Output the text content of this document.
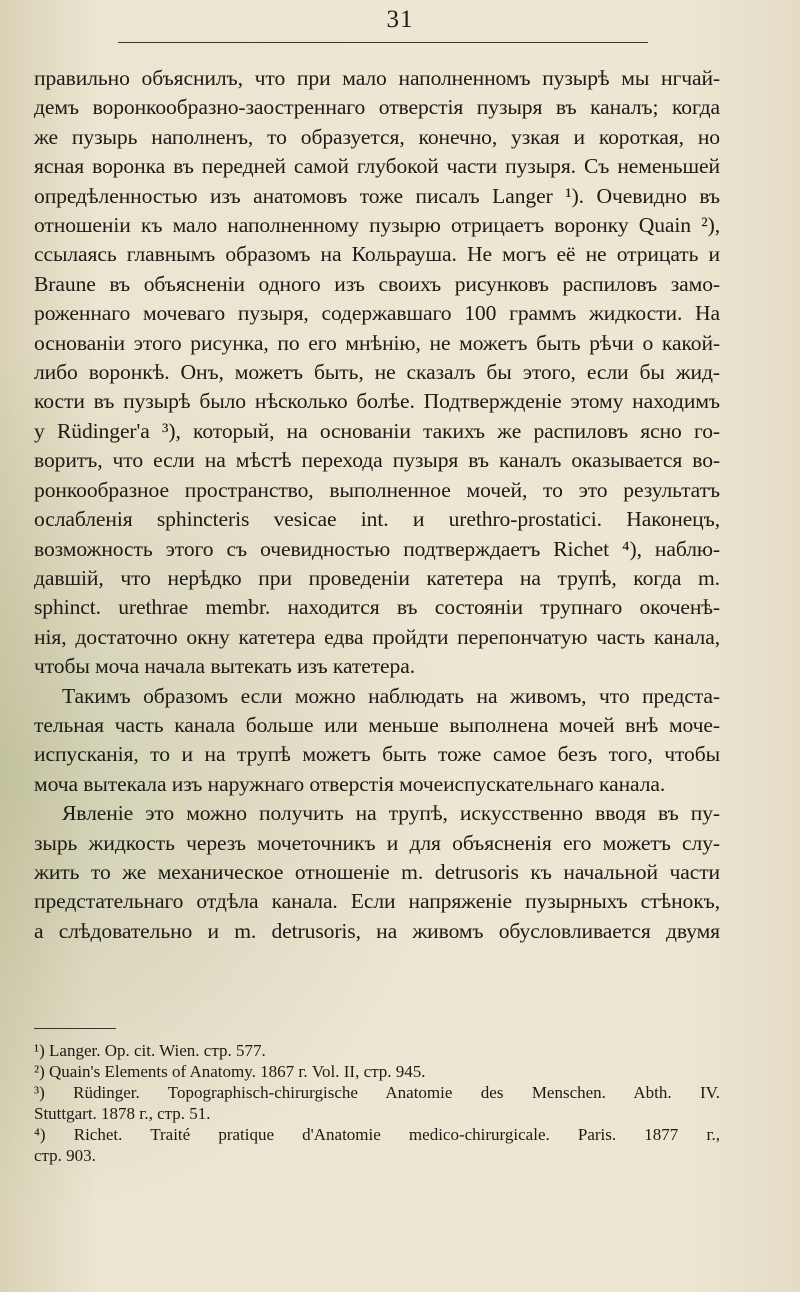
31
правильно объяснилъ, что при мало наполненномъ пузырѣ мы нгчай-
демъ воронкообразно-заостреннаго отверстія пузыря въ каналъ; когда
же пузырь наполненъ, то образуется, конечно, узкая и короткая, но
ясная воронка въ передней самой глубокой части пузыря. Съ неменьшей
опредѣленностью изъ анатомовъ тоже писалъ Langer ¹). Очевидно въ
отношеніи къ мало наполненному пузырю отрицаетъ воронку Quain ²),
ссылаясь главнымъ образомъ на Кольрауша. Не могъ её не отрицать и
Braune въ объясненіи одного изъ своихъ рисунковъ распиловъ замо-
роженнаго мочеваго пузыря, содержавшаго 100 граммъ жидкости. На
основаніи этого рисунка, по его мнѣнію, не можетъ быть рѣчи о какой-
либо воронкѣ. Онъ, можетъ быть, не сказалъ бы этого, если бы жид-
кости въ пузырѣ было нѣсколько болѣе. Подтвержденіе этому находимъ
у Rüdinger'а ³), который, на основаніи такихъ же распиловъ ясно го-
воритъ, что если на мѣстѣ перехода пузыря въ каналъ оказывается во-
ронкообразное пространство, выполненное мочей, то это результатъ
ослабленія sphincteris vesicae int. и urethro-prostatici. Наконецъ,
возможность этого съ очевидностью подтверждаетъ Richet ⁴), наблю-
давшій, что нерѣдко при проведеніи катетера на трупѣ, когда m.
sphinct. urethrae membr. находится въ состояніи трупнаго окоченѣ-
нія, достаточно окну катетера едва пройдти перепончатую часть канала,
чтобы моча начала вытекать изъ катетера.
Такимъ образомъ если можно наблюдать на живомъ, что предста-
тельная часть канала больше или меньше выполнена мочей внѣ моче-
испусканія, то и на трупѣ можетъ быть тоже самое безъ того, чтобы
моча вытекала изъ наружнаго отверстія мочеиспускательнаго канала.
Явленіе это можно получить на трупѣ, искусственно вводя въ пу-
зырь жидкость черезъ мочеточникъ и для объясненія его можетъ слу-
жить то же механическое отношеніе m. detrusoris къ начальной части
предстательнаго отдѣла канала. Если напряженіе пузырныхъ стѣнокъ,
а слѣдовательно и m. detrusoris, на живомъ обусловливается двумя
¹) Langer. Op. cit. Wien. стр. 577.
²) Quain's Elements of Anatomy. 1867 г. Vol. II, стр. 945.
³) Rüdinger. Topographisch-chirurgische Anatomie des Menschen. Abth. IV.
Stuttgart. 1878 г., стр. 51.
⁴) Richet. Traité pratique d'Anatomie medico-chirurgicale. Paris. 1877 г.,
стр. 903.
